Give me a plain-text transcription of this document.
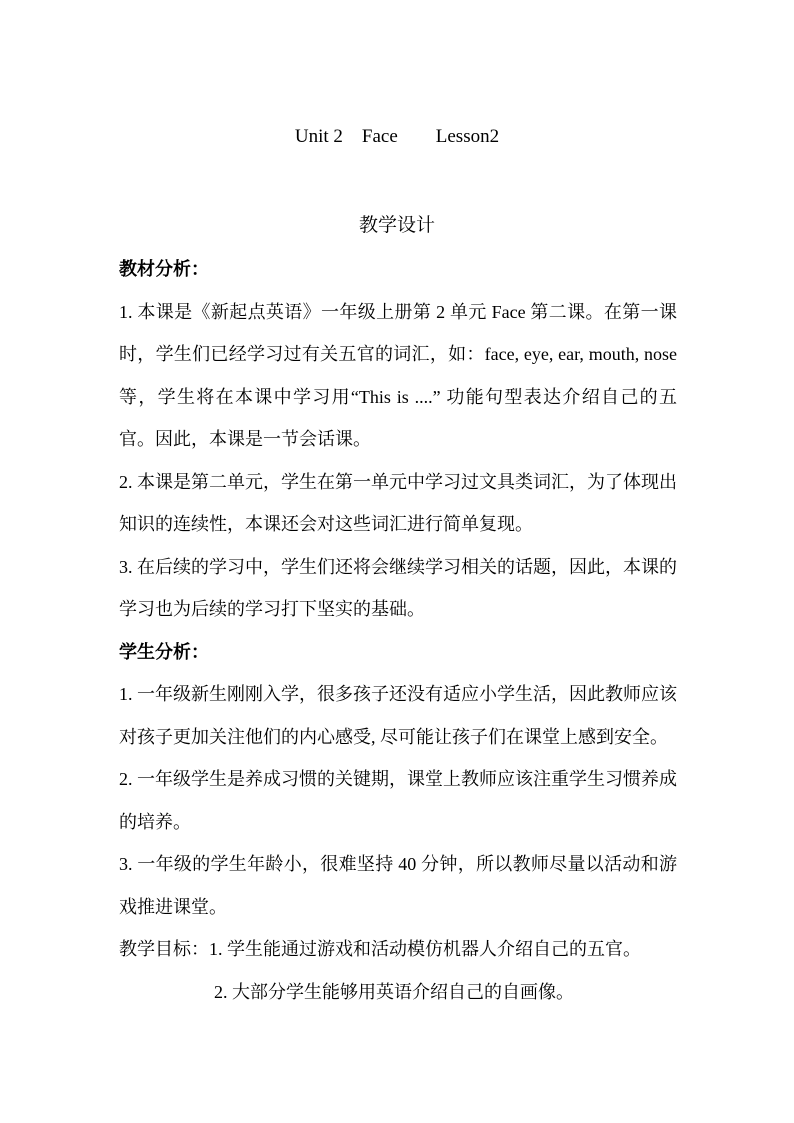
Unit 2    Face        Lesson2
教学设计

教材分析：

1. 本课是《新起点英语》一年级上册第 2 单元 Face 第二课。在第一课时，学生们已经学习过有关五官的词汇，如：face, eye, ear, mouth, nose 等，学生将在本课中学习用“This is ....” 功能句型表达介绍自己的五官。因此，本课是一节会话课。

2. 本课是第二单元，学生在第一单元中学习过文具类词汇，为了体现出知识的连续性，本课还会对这些词汇进行简单复现。

3. 在后续的学习中，学生们还将会继续学习相关的话题，因此，本课的学习也为后续的学习打下坚实的基础。

学生分析：

1. 一年级新生刚刚入学，很多孩子还没有适应小学生活，因此教师应该对孩子更加关注他们的内心感受, 尽可能让孩子们在课堂上感到安全。

2. 一年级学生是养成习惯的关键期，课堂上教师应该注重学生习惯养成的培养。

3. 一年级的学生年龄小，很难坚持 40 分钟，所以教师尽量以活动和游戏推进课堂。

教学目标：1. 学生能通过游戏和活动模仿机器人介绍自己的五官。

2. 大部分学生能够用英语介绍自己的自画像。
